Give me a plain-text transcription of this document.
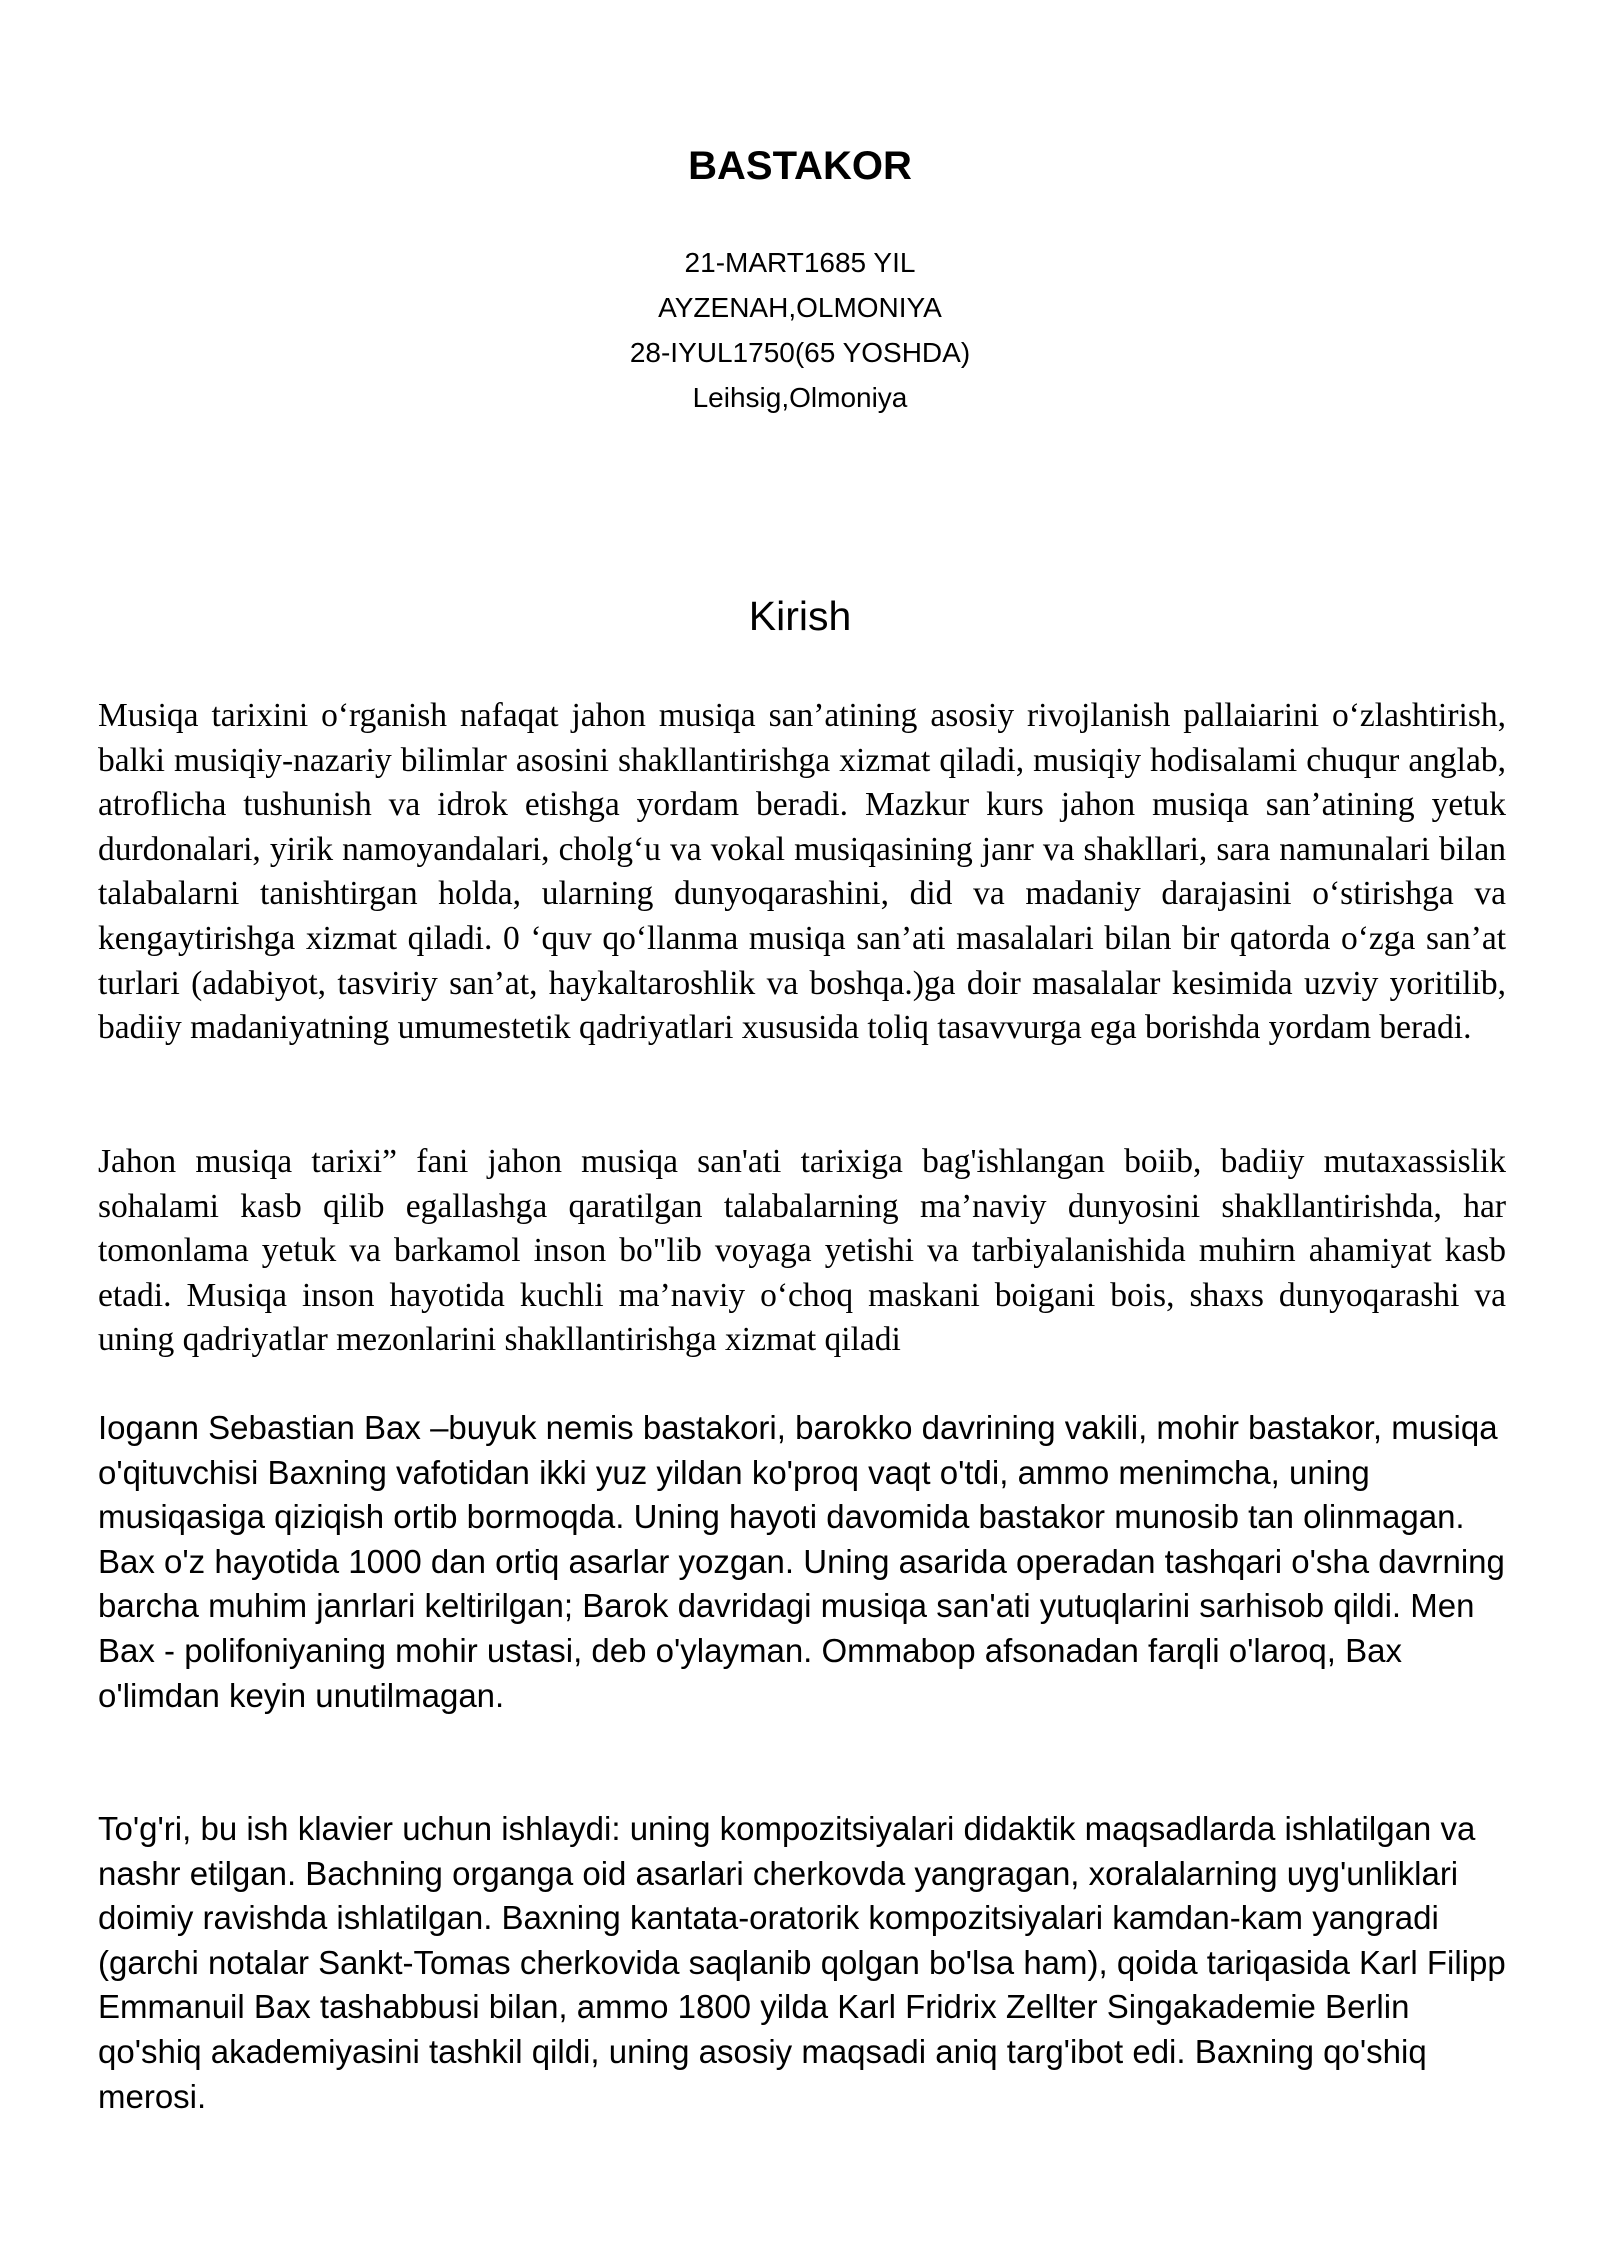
BASTAKOR
21-MART1685 YIL
AYZENAH,OLMONIYA
28-IYUL1750(65 YOSHDA)
Leihsig,Olmoniya
Kirish

Musiqa tarixini o‘rganish nafaqat jahon musiqa san’atining asosiy rivojlanish pallaiarini o‘zlashtirish, balki musiqiy-nazariy bilimlar asosini shakllantirishga xizmat qiladi, musiqiy hodisalami chuqur anglab, atroflicha tushunish va idrok etishga yordam beradi. Mazkur kurs jahon musiqa san’atining yetuk durdonalari, yirik namoyandalari, cholg‘u va vokal musiqasining janr va shakllari, sara namunalari bilan talabalarni tanishtirgan holda, ularning dunyoqarashini, did va madaniy darajasini o‘stirishga va kengaytirishga xizmat qiladi. 0 ‘quv qo‘llanma musiqa san’ati masalalari bilan bir qatorda o‘zga san’at turlari (adabiyot, tasviriy san’at, haykaltaroshlik va boshqa.)ga doir masalalar kesimida uzviy yoritilib, badiiy madaniyatning umumestetik qadriyatlari xususida toliq tasavvurga ega borishda yordam beradi.

Jahon musiqa tarixi” fani jahon musiqa san'ati tarixiga bag'ishlangan boiib, badiiy mutaxassislik sohalami kasb qilib egallashga qaratilgan talabalarning ma’naviy dunyosini shakllantirishda, har tomonlama yetuk va barkamol inson bo"lib voyaga yetishi va tarbiyalanishida muhirn ahamiyat kasb etadi. Musiqa inson hayotida kuchli ma’naviy o‘choq maskani boigani bois, shaxs dunyoqarashi va uning qadriyatlar mezonlarini shakllantirishga xizmat qiladi

Iogann Sebastian Bax –buyuk nemis bastakori, barokko davrining vakili, mohir bastakor, musiqa o'qituvchisi Baxning vafotidan ikki yuz yildan ko'proq vaqt o'tdi, ammo menimcha, uning musiqasiga qiziqish ortib bormoqda. Uning hayoti davomida bastakor munosib tan olinmagan. Bax o'z hayotida 1000 dan ortiq asarlar yozgan. Uning asarida operadan tashqari o'sha davrning barcha muhim janrlari keltirilgan; Barok davridagi musiqa san'ati yutuqlarini sarhisob qildi. Men Bax - polifoniyaning mohir ustasi, deb o'ylayman. Ommabop afsonadan farqli o'laroq, Bax o'limdan keyin unutilmagan.

To'g'ri, bu ish klavier uchun ishlaydi: uning kompozitsiyalari didaktik maqsadlarda ishlatilgan va nashr etilgan. Bachning organga oid asarlari cherkovda yangragan, xoralalarning uyg'unliklari doimiy ravishda ishlatilgan. Baxning kantata-oratorik kompozitsiyalari kamdan-kam yangradi (garchi notalar Sankt-Tomas cherkovida saqlanib qolgan bo'lsa ham), qoida tariqasida Karl Filipp Emmanuil Bax tashabbusi bilan, ammo 1800 yilda Karl Fridrix Zellter Singakademie Berlin qo'shiq akademiyasini tashkil qildi, uning asosiy maqsadi aniq targ'ibot edi. Baxning qo'shiq merosi.
